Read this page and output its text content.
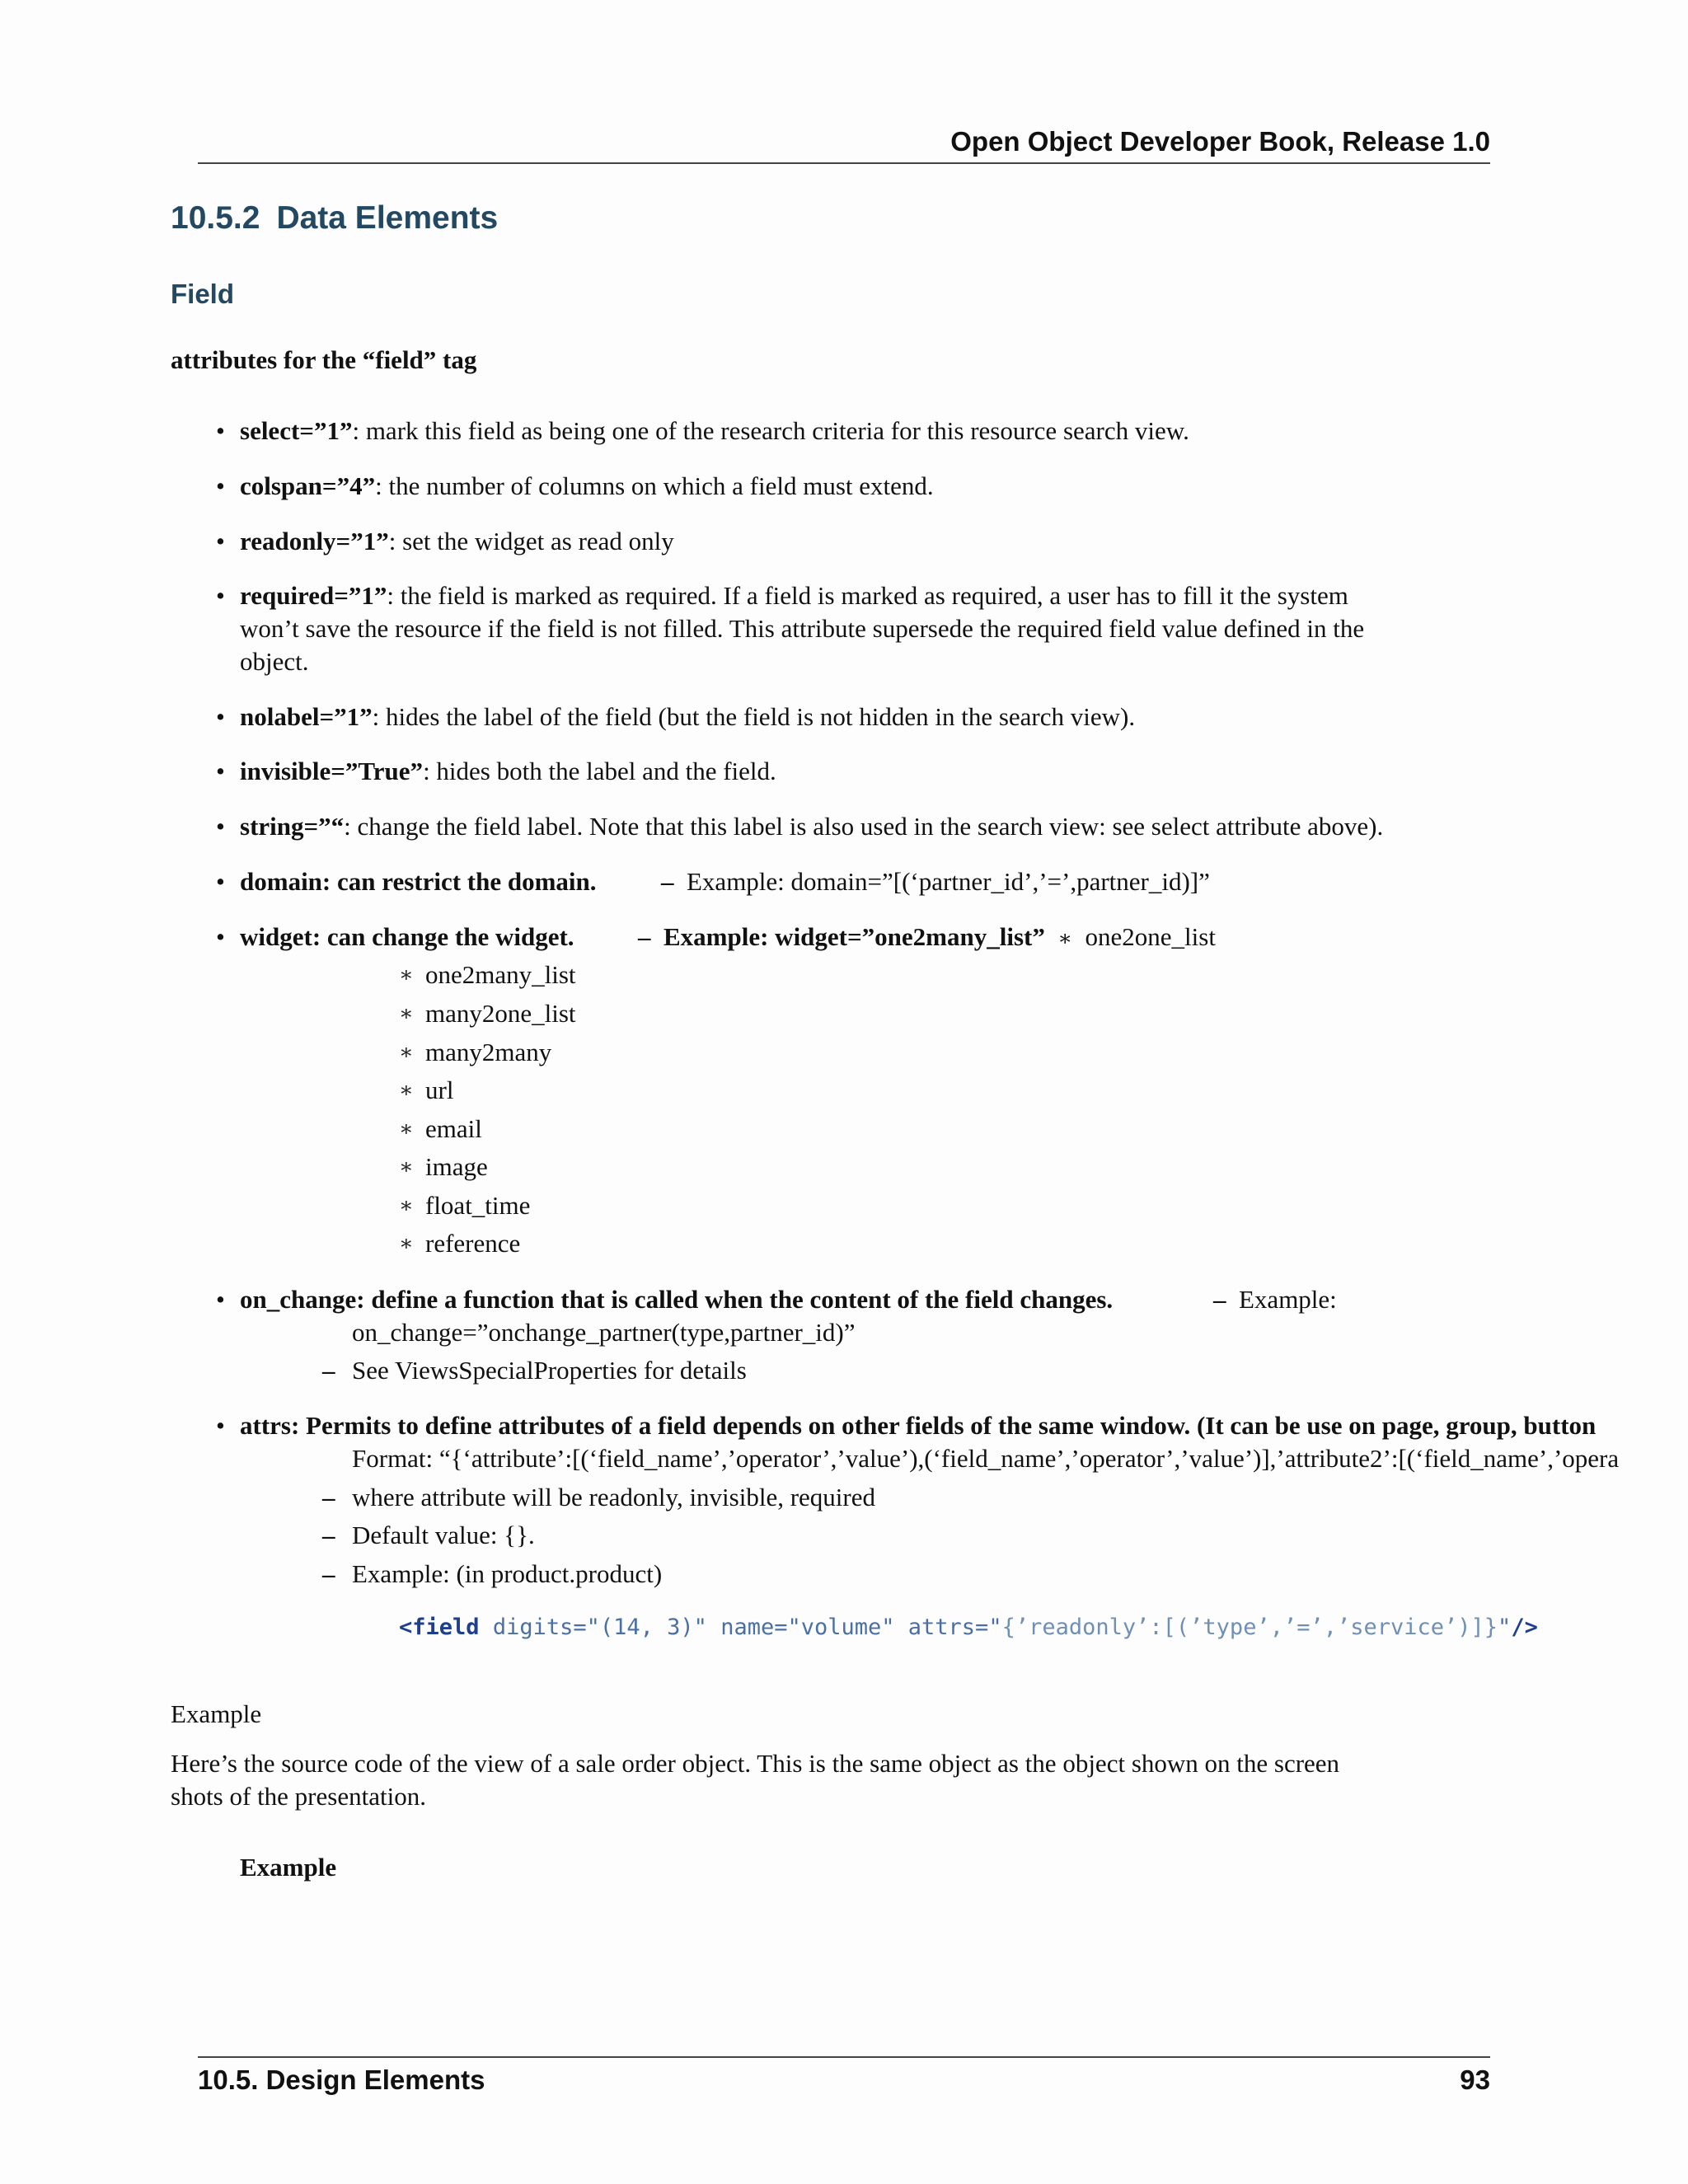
Open Object Developer Book, Release 1.0
10.5.2 Data Elements
Field

attributes for the “field” tag

• select=”1”: mark this field as being one of the research criteria for this resource search view.
• colspan=”4”: the number of columns on which a field must extend.
• readonly=”1”: set the widget as read only
• required=”1”: the field is marked as required. If a field is marked as required, a user has to fill it the system
won’t save the resource if the field is not filled. This attribute supersede the required field value defined in the
object.
• nolabel=”1”: hides the label of the field (but the field is not hidden in the search view).
• invisible=”True”: hides both the label and the field.
• string=”“: change the field label. Note that this label is also used in the search view: see select attribute above).
• domain: can restrict the domain.	– Example: domain=”[(‘partner_id’,’=’,partner_id)]”
• widget: can change the widget. – Example: widget=”one2many_list” ∗ one2one_list
∗ one2many_list
∗ many2one_list
∗ many2many
∗ url
∗ email
∗ image
∗ float_time
∗ reference
• on_change: define a function that is called when the content of the field changes.	– Example:
on_change=”onchange_partner(type,partner_id)”
– See ViewsSpecialProperties for details
• attrs: Permits to define attributes of a field depends on other fields of the same window. (It can be use on page, group, button
Format: “{‘attribute’:[(‘field_name’,’operator’,’value’),(‘field_name’,’operator’,’value’)],’attribute2’:[(‘field_name’,’opera
– where attribute will be readonly, invisible, required
– Default value: {}.
– Example: (in product.product)
<field digits="(14, 3)" name="volume" attrs="{’readonly’:[(’type’,’=’,’service’)]}"/>
Example
Here’s the source code of the view of a sale order object. This is the same object as the object shown on the screen
shots of the presentation.
Example
10.5. Design Elements	93
